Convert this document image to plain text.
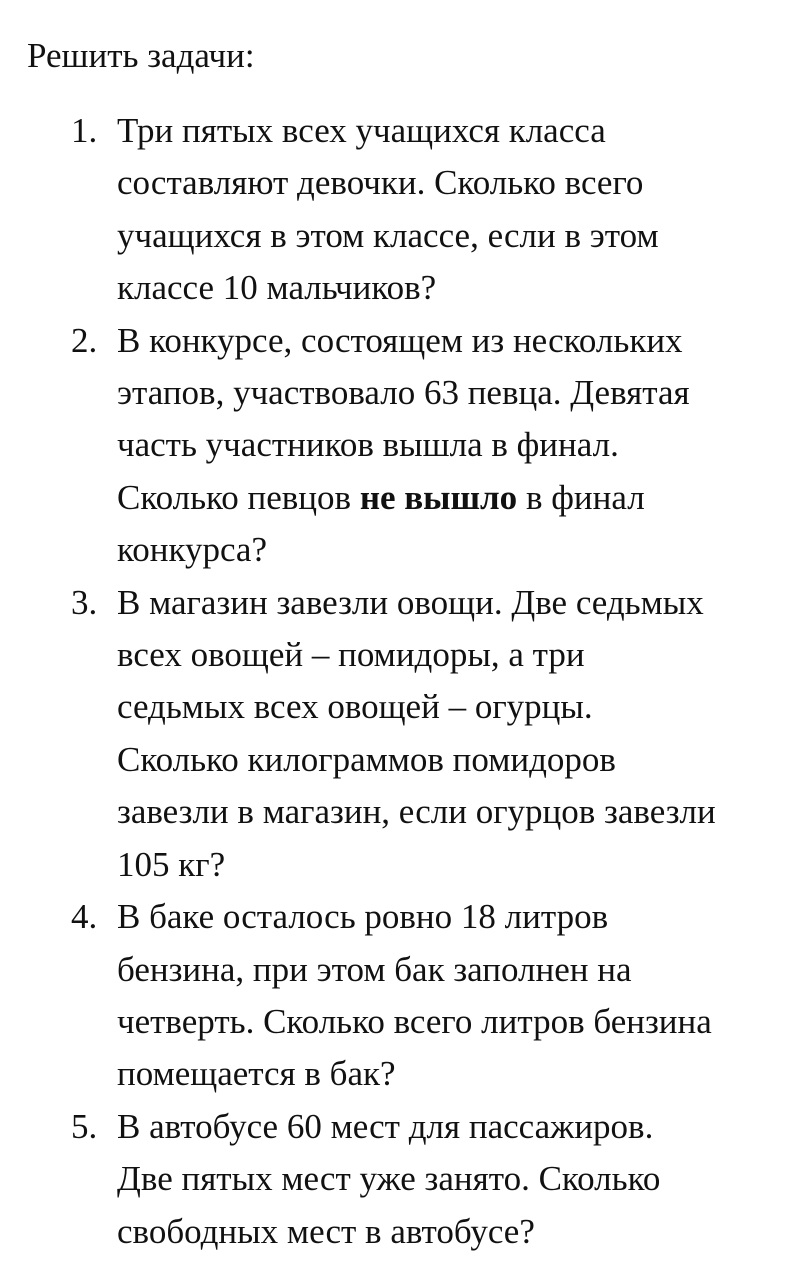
Решить задачи:
1. Три пятых всех учащихся класса
составляют девочки. Сколько всего
учащихся в этом классе, если в этом
классе 10 мальчиков?
2. В конкурсе, состоящем из нескольких
этапов, участвовало 63 певца. Девятая
часть участников вышла в финал.
Сколько певцов не вышло в финал
конкурса?
3. В магазин завезли овощи. Две седьмых
всех овощей – помидоры, а три
седьмых всех овощей – огурцы.
Сколько килограммов помидоров
завезли в магазин, если огурцов завезли
105 кг?
4. В баке осталось ровно 18 литров
бензина, при этом бак заполнен на
четверть. Сколько всего литров бензина
помещается в бак?
5. В автобусе 60 мест для пассажиров.
Две пятых мест уже занято. Сколько
свободных мест в автобусе?
